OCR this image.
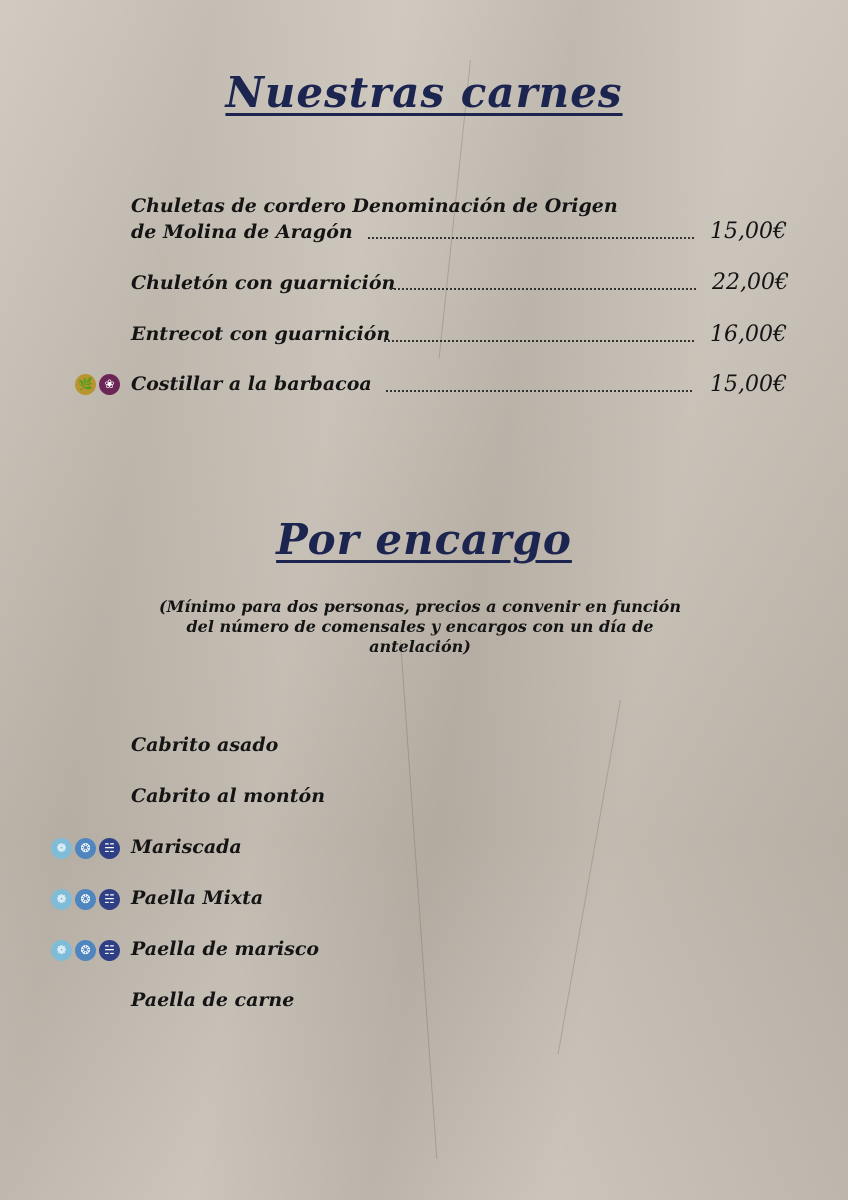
Nuestras carnes
Chuletas de cordero Denominación de Origen
de Molina de Aragón	15,00€
Chuletón con guarnición	22,00€
Entrecot con guarnición	16,00€
🌿 ❀ Costillar a la barbacoa	15,00€
Por encargo
(Mínimo para dos personas, precios a convenir en función del número de comensales y encargos con un día de antelación)
Cabrito asado
Cabrito al montón
❁	❂	☵ Mariscada
❁	❂	☵ Paella Mixta
❁	❂	☵ Paella de marisco
Paella de carne
